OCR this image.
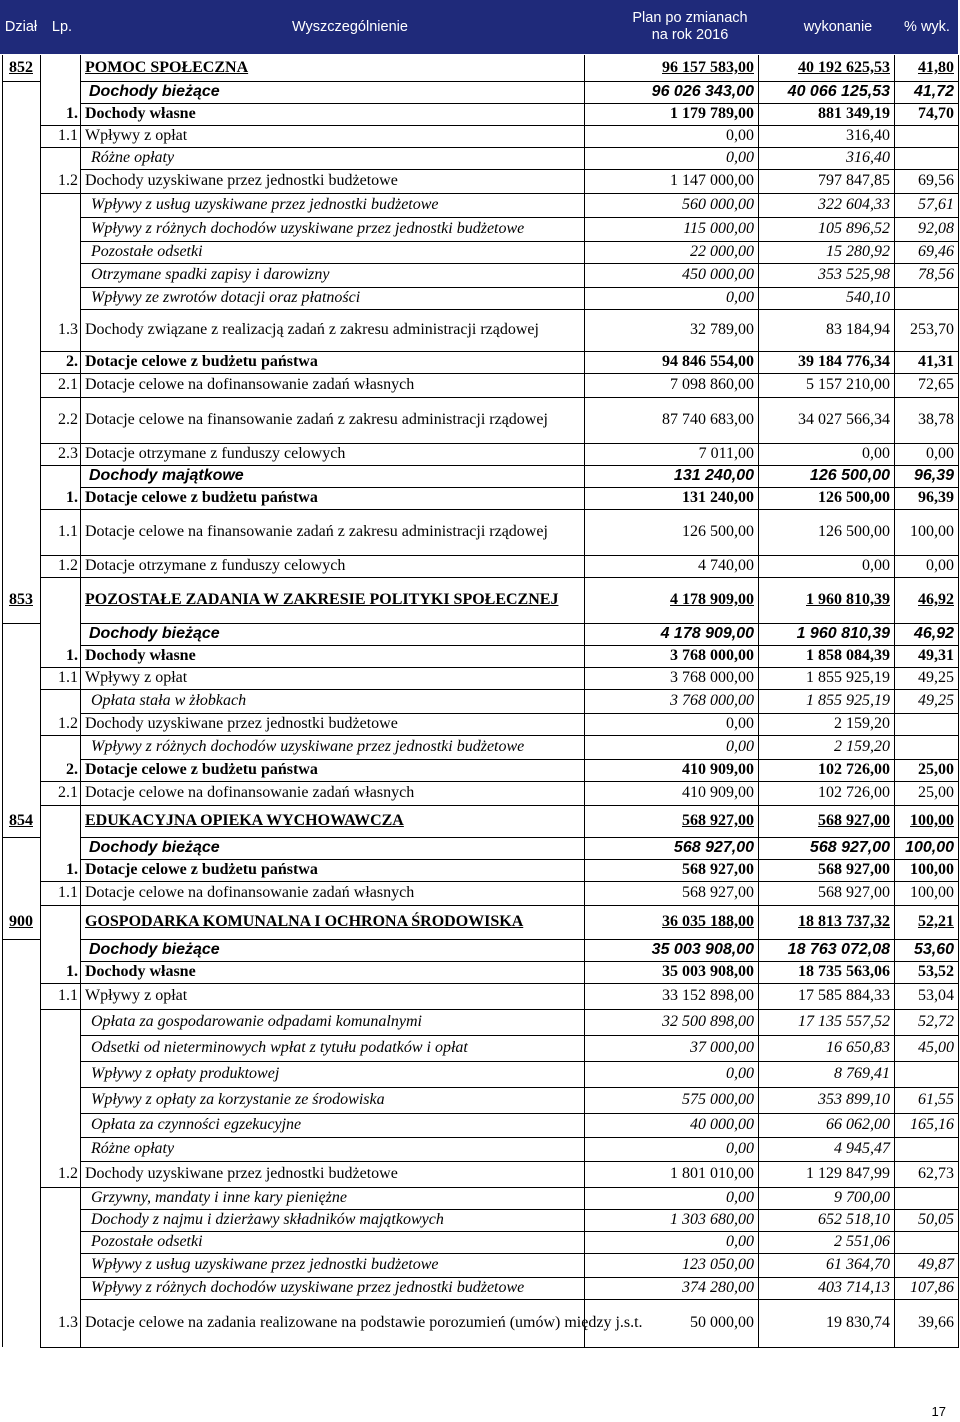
Dział	Lp.	Wyszczególnienie
Plan po zmianach
na rok 2016
wykonanie	% wyk.
852		POMOC SPOŁECZNA	96 157 583,00	40 192 625,53	41,80
		Dochody bieżące	96 026 343,00	40 066 125,53	41,72
	1.	Dochody własne	1 179 789,00	881 349,19	74,70
	1.1	Wpływy z opłat	0,00	316,40	
		Różne opłaty	0,00	316,40	
	1.2	Dochody uzyskiwane przez jednostki budżetowe	1 147 000,00	797 847,85	69,56
		Wpływy z usług uzyskiwane przez jednostki budżetowe	560 000,00	322 604,33	57,61
		Wpływy z różnych dochodów uzyskiwane przez jednostki budżetowe	115 000,00	105 896,52	92,08
		Pozostałe odsetki	22 000,00	15 280,92	69,46
		Otrzymane spadki zapisy i darowizny	450 000,00	353 525,98	78,56
		Wpływy ze zwrotów dotacji oraz płatności	0,00	540,10	
	1.3	Dochody związane z realizacją zadań z zakresu administracji rządowej	32 789,00	83 184,94	253,70
	2.	Dotacje celowe z budżetu państwa	94 846 554,00	39 184 776,34	41,31
	2.1	Dotacje celowe na dofinansowanie zadań własnych	7 098 860,00	5 157 210,00	72,65
	2.2	Dotacje celowe na finansowanie zadań z zakresu administracji rządowej	87 740 683,00	34 027 566,34	38,78
	2.3	Dotacje otrzymane z funduszy celowych	7 011,00	0,00	0,00
		Dochody majątkowe	131 240,00	126 500,00	96,39
	1.	Dotacje celowe z budżetu państwa	131 240,00	126 500,00	96,39
	1.1	Dotacje celowe na finansowanie zadań z zakresu administracji rządowej	126 500,00	126 500,00	100,00
	1.2	Dotacje otrzymane z funduszy celowych	4 740,00	0,00	0,00
853		POZOSTAŁE ZADANIA W ZAKRESIE POLITYKI SPOŁECZNEJ	4 178 909,00	1 960 810,39	46,92
		Dochody bieżące	4 178 909,00	1 960 810,39	46,92
	1.	Dochody własne	3 768 000,00	1 858 084,39	49,31
	1.1	Wpływy z opłat	3 768 000,00	1 855 925,19	49,25
		Opłata stała w żłobkach	3 768 000,00	1 855 925,19	49,25
	1.2	Dochody uzyskiwane przez jednostki budżetowe	0,00	2 159,20	
		Wpływy z różnych dochodów uzyskiwane przez jednostki budżetowe	0,00	2 159,20	
	2.	Dotacje celowe z budżetu państwa	410 909,00	102 726,00	25,00
	2.1	Dotacje celowe na dofinansowanie zadań własnych	410 909,00	102 726,00	25,00
854		EDUKACYJNA OPIEKA WYCHOWAWCZA	568 927,00	568 927,00	100,00
		Dochody bieżące	568 927,00	568 927,00	100,00
	1.	Dotacje celowe z budżetu państwa	568 927,00	568 927,00	100,00
	1.1	Dotacje celowe na dofinansowanie zadań własnych	568 927,00	568 927,00	100,00
900		GOSPODARKA KOMUNALNA I OCHRONA ŚRODOWISKA	36 035 188,00	18 813 737,32	52,21
		Dochody bieżące	35 003 908,00	18 763 072,08	53,60
	1.	Dochody własne	35 003 908,00	18 735 563,06	53,52
	1.1	Wpływy z opłat	33 152 898,00	17 585 884,33	53,04
		Opłata za gospodarowanie odpadami komunalnymi	32 500 898,00	17 135 557,52	52,72
		Odsetki od nieterminowych wpłat z tytułu podatków i opłat	37 000,00	16 650,83	45,00
		Wpływy z opłaty produktowej	0,00	8 769,41	
		Wpływy z opłaty za korzystanie ze środowiska	575 000,00	353 899,10	61,55
		Opłata za czynności egzekucyjne	40 000,00	66 062,00	165,16
		Różne opłaty	0,00	4 945,47	
	1.2	Dochody uzyskiwane przez jednostki budżetowe	1 801 010,00	1 129 847,99	62,73
		Grzywny, mandaty i inne kary pieniężne	0,00	9 700,00	
		Dochody z najmu i dzierżawy składników majątkowych	1 303 680,00	652 518,10	50,05
		Pozostałe odsetki	0,00	2 551,06	
		Wpływy z usług uzyskiwane przez jednostki budżetowe	123 050,00	61 364,70	49,87
		Wpływy z różnych dochodów uzyskiwane przez jednostki budżetowe	374 280,00	403 714,13	107,86
	1.3	Dotacje celowe na zadania realizowane na podstawie porozumień (umów) między j.s.t.	50 000,00	19 830,74	39,66
17
